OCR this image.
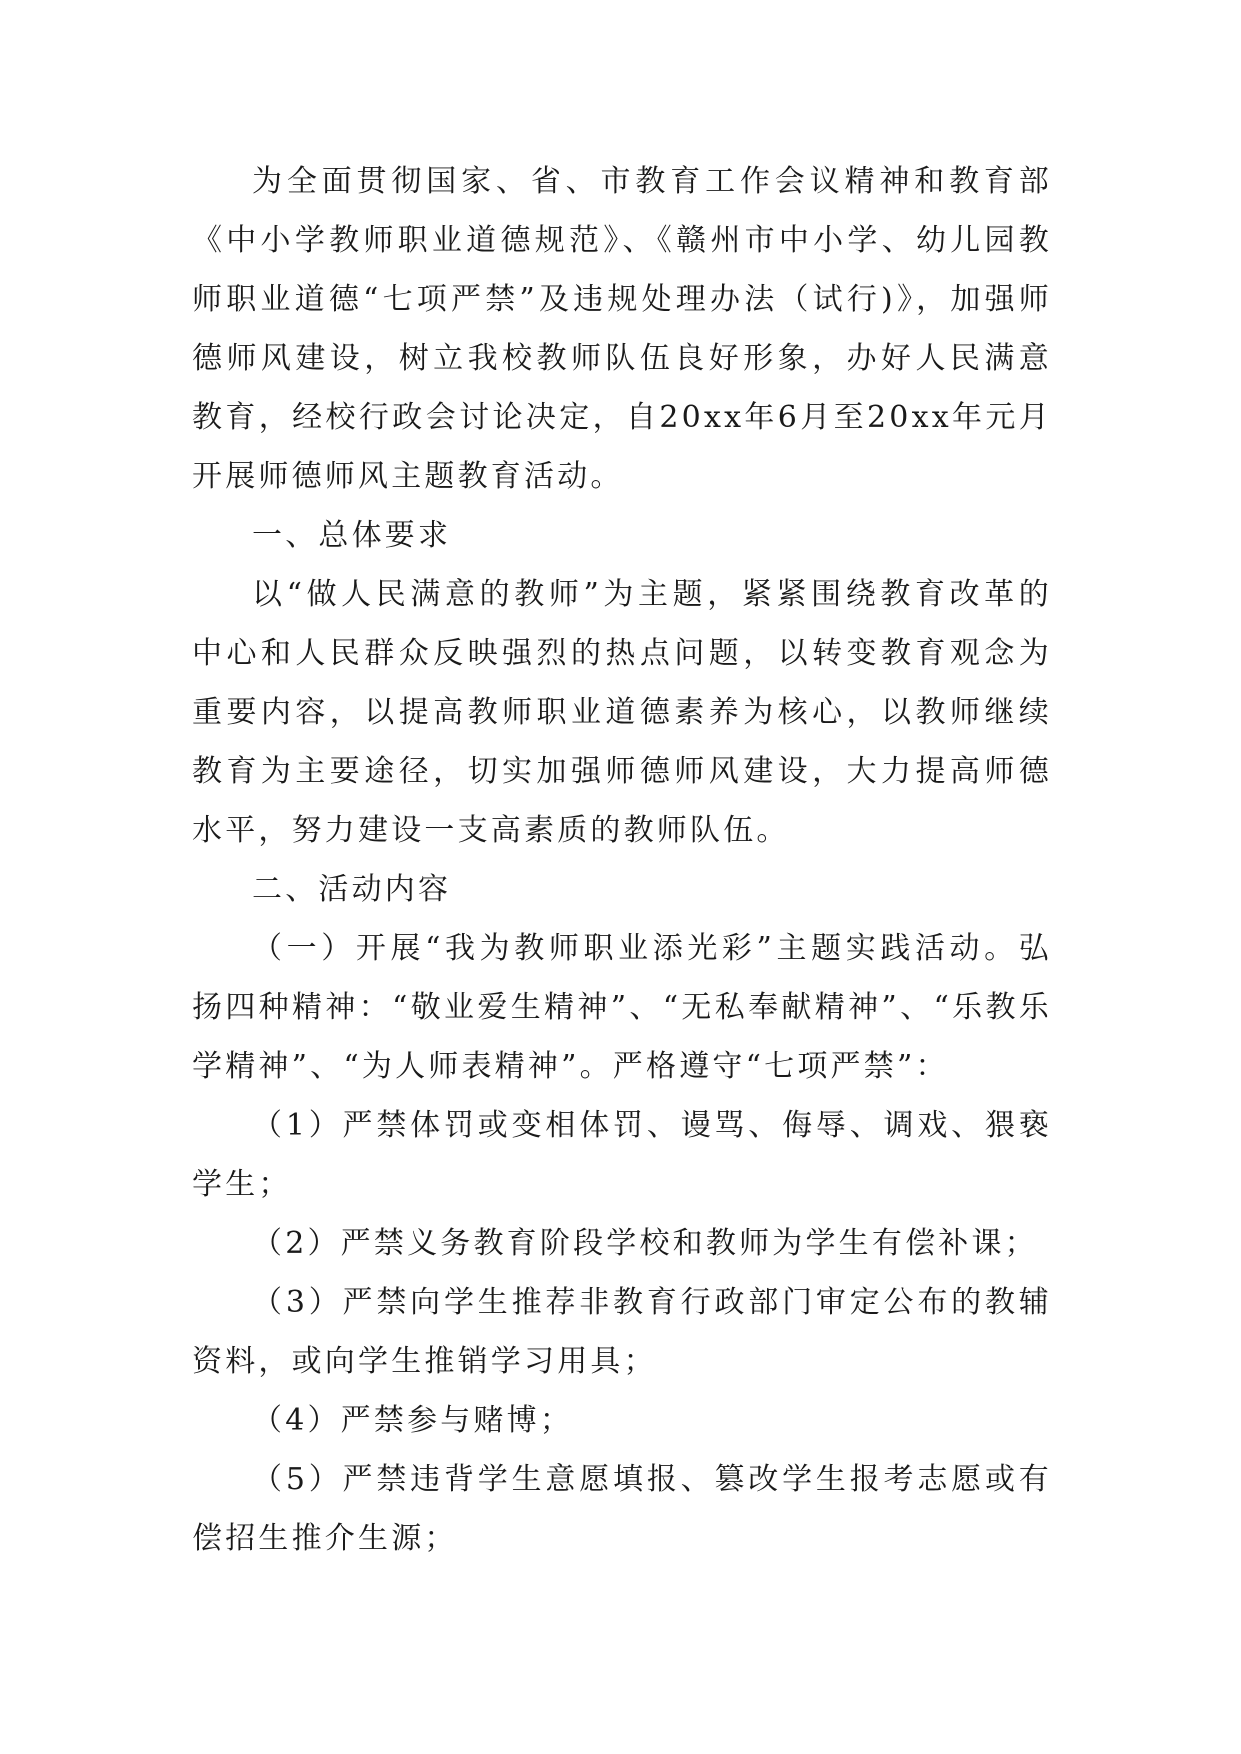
为全面贯彻国家、省、市教育工作会议精神和教育部《中小学教师职业道德规范》、《赣州市中小学、幼儿园教师职业道德“七项严禁”及违规处理办法（试行)》，加强师德师风建设，树立我校教师队伍良好形象，办好人民满意教育，经校行政会讨论决定，自20xx年6月至20xx年元月开展师德师风主题教育活动。

一、总体要求

以“做人民满意的教师”为主题，紧紧围绕教育改革的中心和人民群众反映强烈的热点问题，以转变教育观念为重要内容，以提高教师职业道德素养为核心，以教师继续教育为主要途径，切实加强师德师风建设，大力提高师德水平，努力建设一支高素质的教师队伍。

二、活动内容

（一）开展“我为教师职业添光彩”主题实践活动。弘扬四种精神：“敬业爱生精神”、“无私奉献精神”、“乐教乐学精神”、“为人师表精神”。严格遵守“七项严禁”：

（1）严禁体罚或变相体罚、谩骂、侮辱、调戏、猥亵学生；

（2）严禁义务教育阶段学校和教师为学生有偿补课；

（3）严禁向学生推荐非教育行政部门审定公布的教辅资料，或向学生推销学习用具；

（4）严禁参与赌博；

（5）严禁违背学生意愿填报、篡改学生报考志愿或有偿招生推介生源；
